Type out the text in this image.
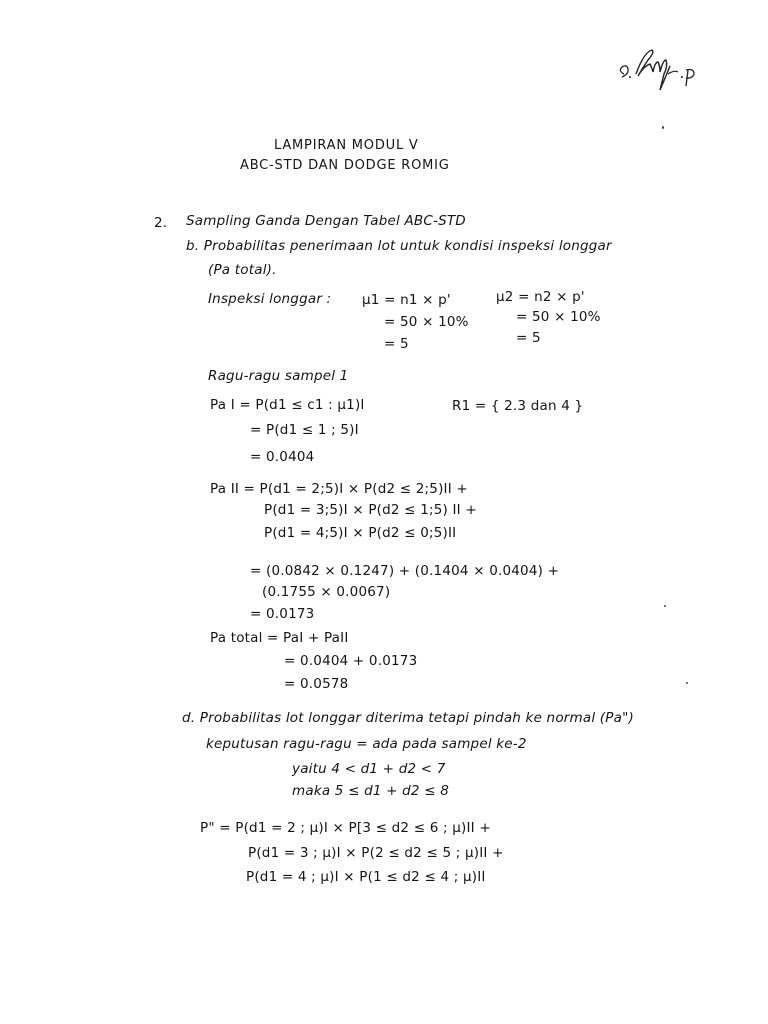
LAMPIRAN MODUL V
ABC-STD DAN DODGE ROMIG
2. Sampling Ganda Dengan Tabel ABC-STD
b. Probabilitas penerimaan lot untuk kondisi inspeksi longgar
(Pa total).
Inspeksi longgar : μ1 = n1 × p'
= 50 × 10%
= 5
μ2 = n2 × p'
= 50 × 10%
= 5
Ragu-ragu sampel 1
Pa I = P(d1 ≤ c1 : μ1)I
= P(d1 ≤ 1 ; 5)I
= 0.0404
R1 = { 2.3 dan 4 }
Pa II = P(d1 = 2;5)I × P(d2 ≤ 2;5)II +
P(d1 = 3;5)I × P(d2 ≤ 1;5) II +
P(d1 = 4;5)I × P(d2 ≤ 0;5)II
= (0.0842 × 0.1247) + (0.1404 × 0.0404) +
(0.1755 × 0.0067)
= 0.0173
Pa total = PaI + PaII
= 0.0404 + 0.0173
= 0.0578
d. Probabilitas lot longgar diterima tetapi pindah ke normal (Pa")
keputusan ragu-ragu = ada pada sampel ke-2
yaitu 4 < d1 + d2 < 7
maka 5 ≤ d1 + d2 ≤ 8
P" = P(d1 = 2 ; μ)I × P[3 ≤ d2 ≤ 6 ; μ)II +
P(d1 = 3 ; μ)I × P(2 ≤ d2 ≤ 5 ; μ)II +
P(d1 = 4 ; μ)I × P(1 ≤ d2 ≤ 4 ; μ)II
